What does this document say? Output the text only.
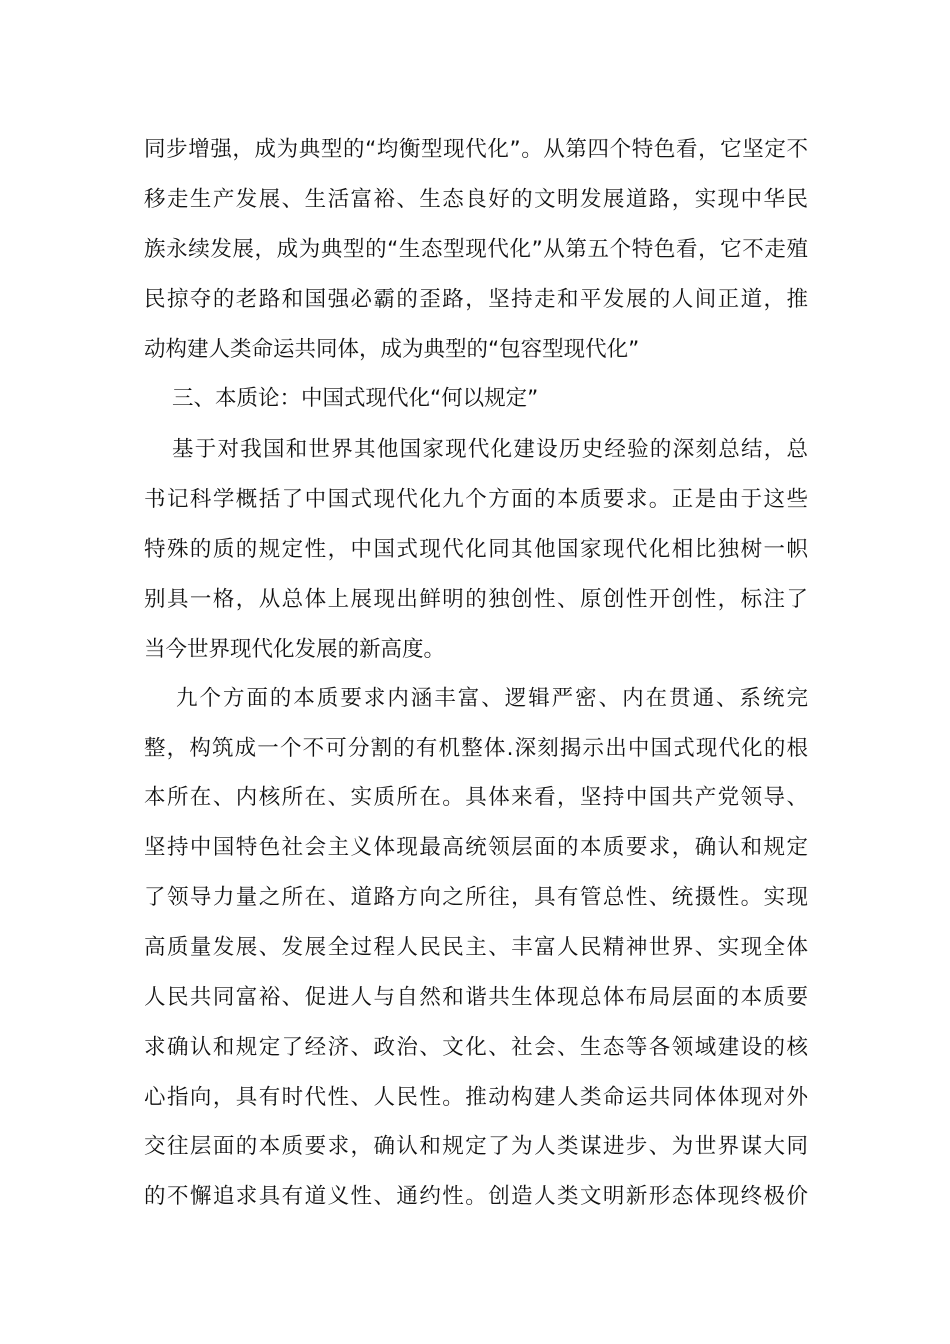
同步增强，成为典型的“均衡型现代化”。从第四个特色看，它坚定不
移走生产发展、生活富裕、生态良好的文明发展道路，实现中华民
族永续发展，成为典型的“生态型现代化”从第五个特色看，它不走殖
民掠夺的老路和国强必霸的歪路，坚持走和平发展的人间正道，推
动构建人类命运共同体，成为典型的“包容型现代化”
三、本质论：中国式现代化“何以规定”
基于对我国和世界其他国家现代化建设历史经验的深刻总结，总
书记科学概括了中国式现代化九个方面的本质要求。正是由于这些
特殊的质的规定性，中国式现代化同其他国家现代化相比独树一帜
别具一格，从总体上展现出鲜明的独创性、原创性开创性，标注了
当今世界现代化发展的新高度。
九个方面的本质要求内涵丰富、逻辑严密、内在贯通、系统完
整，构筑成一个不可分割的有机整体.深刻揭示出中国式现代化的根
本所在、内核所在、实质所在。具体来看，坚持中国共产党领导、
坚持中国特色社会主义体现最高统领层面的本质要求，确认和规定
了领导力量之所在、道路方向之所往，具有管总性、统摄性。实现
高质量发展、发展全过程人民民主、丰富人民精神世界、实现全体
人民共同富裕、促进人与自然和谐共生体现总体布局层面的本质要
求确认和规定了经济、政治、文化、社会、生态等各领域建设的核
心指向，具有时代性、人民性。推动构建人类命运共同体体现对外
交往层面的本质要求，确认和规定了为人类谋进步、为世界谋大同
的不懈追求具有道义性、通约性。创造人类文明新形态体现终极价
